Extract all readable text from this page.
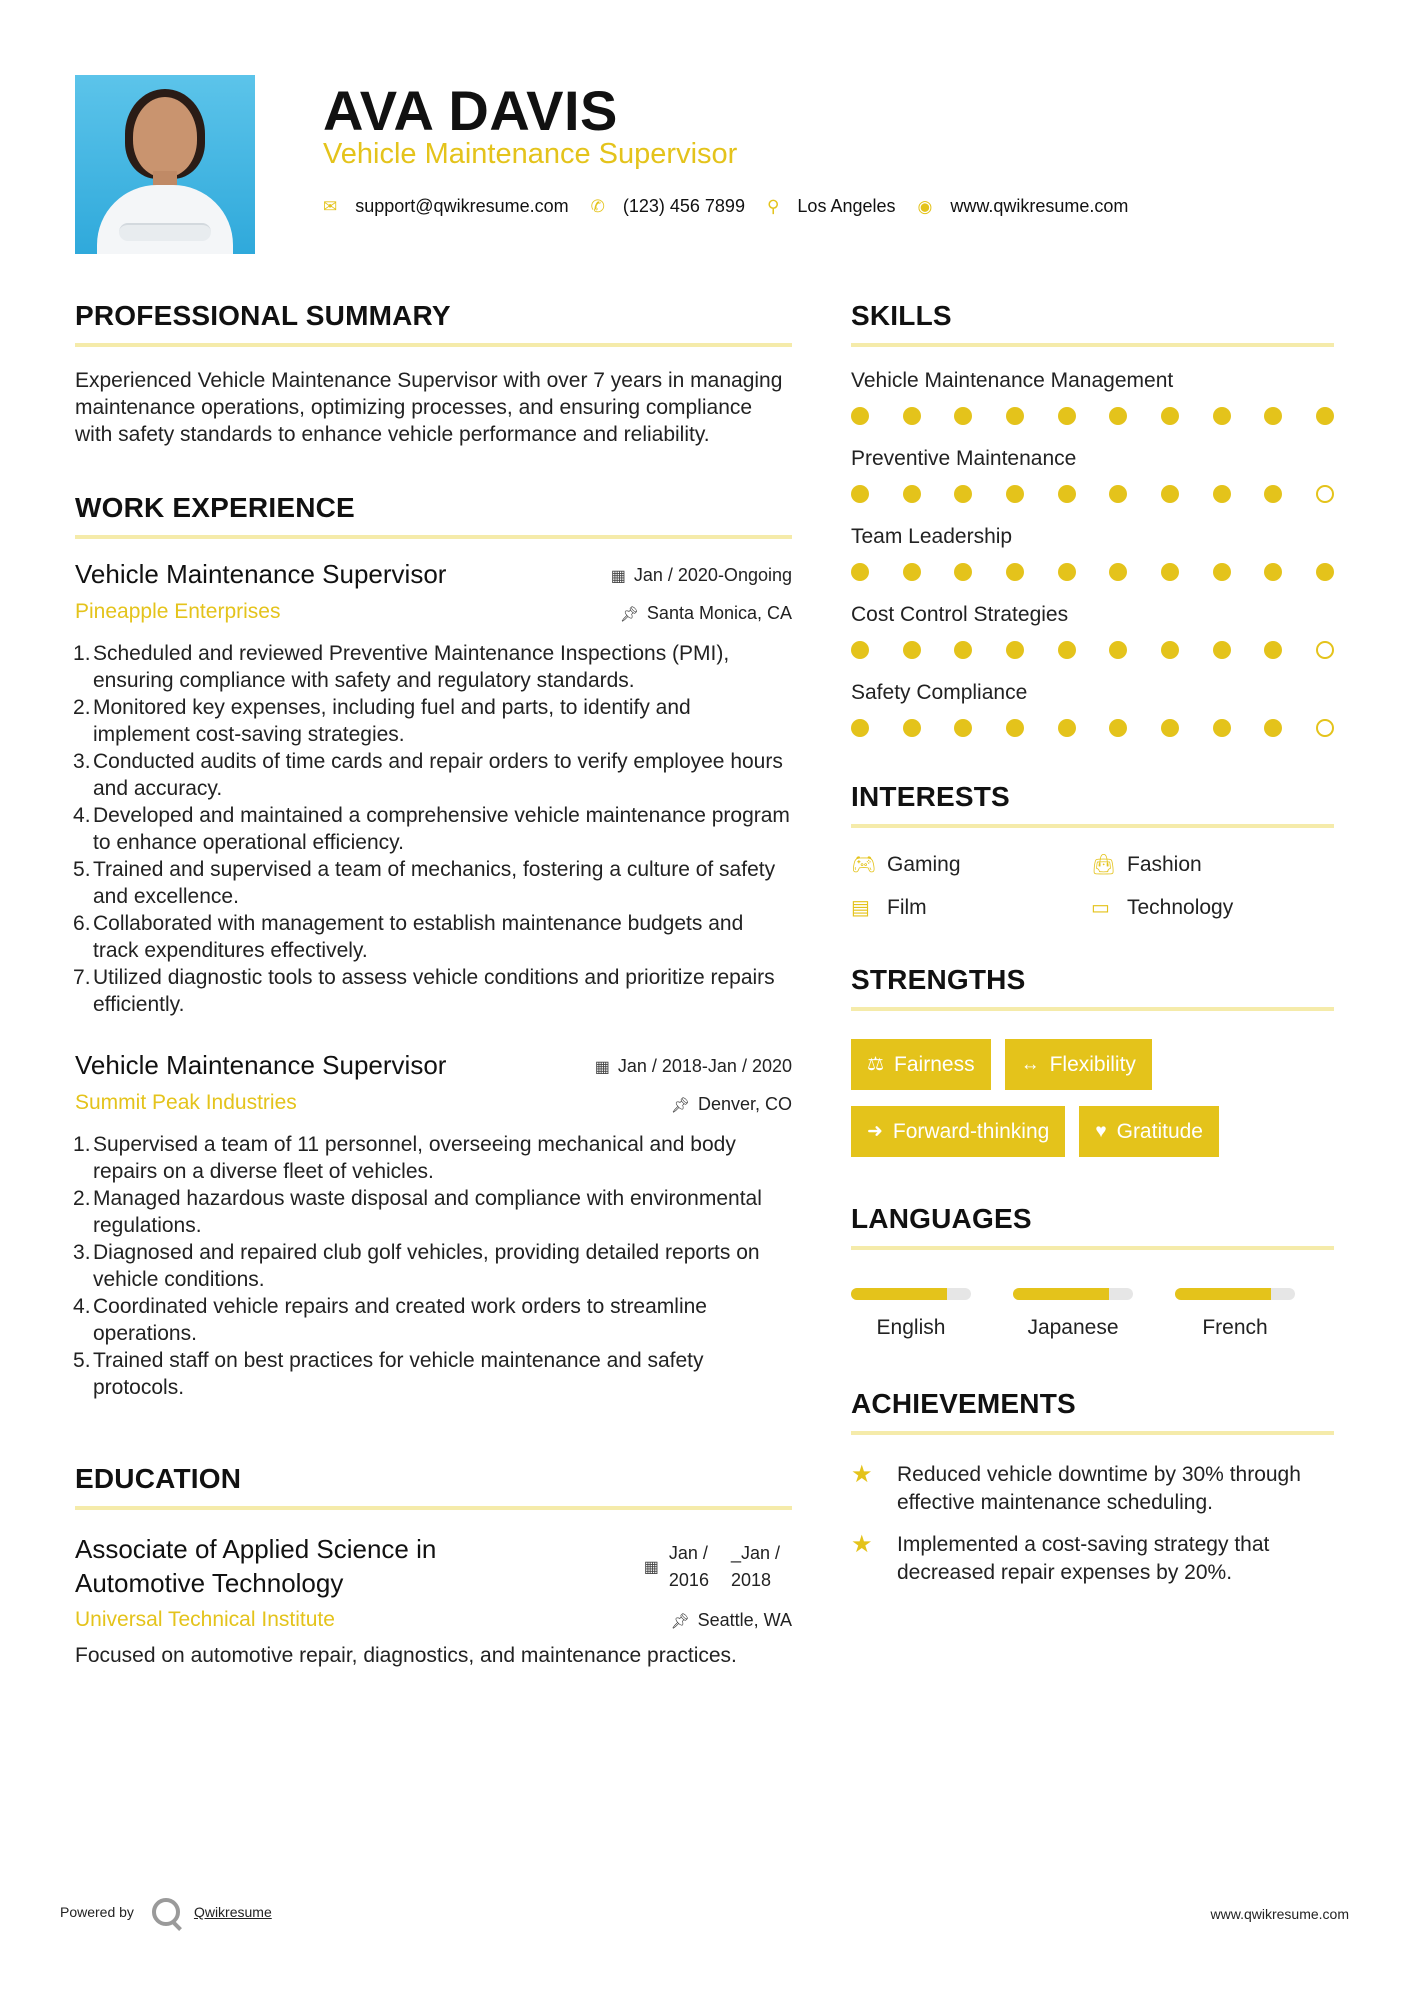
AVA DAVIS
Vehicle Maintenance Supervisor
✉ support@qwikresume.com ✆ (123) 456 7899 ⚲ Los Angeles ◉ www.qwikresume.com
PROFESSIONAL SUMMARY

Experienced Vehicle Maintenance Supervisor with over 7 years in managing maintenance operations, optimizing processes, and ensuring compliance with safety standards to enhance vehicle performance and reliability.

WORK EXPERIENCE
Vehicle Maintenance Supervisor	▦ Jan / 2020-Ongoing
Pineapple Enterprises	📌︎ Santa Monica, CA
Scheduled and reviewed Preventive Maintenance Inspections (PMI), ensuring compliance with safety and regulatory standards.
Monitored key expenses, including fuel and parts, to identify and implement cost-saving strategies.
Conducted audits of time cards and repair orders to verify employee hours and accuracy.
Developed and maintained a comprehensive vehicle maintenance program to enhance operational efficiency.
Trained and supervised a team of mechanics, fostering a culture of safety and excellence.
Collaborated with management to establish maintenance budgets and track expenditures effectively.
Utilized diagnostic tools to assess vehicle conditions and prioritize repairs efficiently.
Vehicle Maintenance Supervisor	▦ Jan / 2018-Jan / 2020
Summit Peak Industries	📌︎ Denver, CO
Supervised a team of 11 personnel, overseeing mechanical and body repairs on a diverse fleet of vehicles.
Managed hazardous waste disposal and compliance with environmental regulations.
Diagnosed and repaired club golf vehicles, providing detailed reports on vehicle conditions.
Coordinated vehicle repairs and created work orders to streamline operations.
Trained staff on best practices for vehicle maintenance and safety protocols.
EDUCATION
Associate of Applied Science in Automotive Technology
▦
Jan /
2016
_Jan /
2018
Universal Technical Institute	📌︎ Seattle, WA

Focused on automotive repair, diagnostics, and maintenance practices.

SKILLS
Vehicle Maintenance Management
Preventive Maintenance
Team Leadership
Cost Control Strategies
Safety Compliance
INTERESTS
🎮︎ Gaming	👜︎ Fashion
▤ Film	▭ Technology
STRENGTHS
⚖ Fairness ↔ Flexibility
➜ Forward-thinking ♥ Gratitude
LANGUAGES
English	Japanese	French
ACHIEVEMENTS
★	Reduced vehicle downtime by 30% through effective maintenance scheduling.
★	Implemented a cost-saving strategy that decreased repair expenses by 20%.
Powered by	Qwikresume	www.qwikresume.com
